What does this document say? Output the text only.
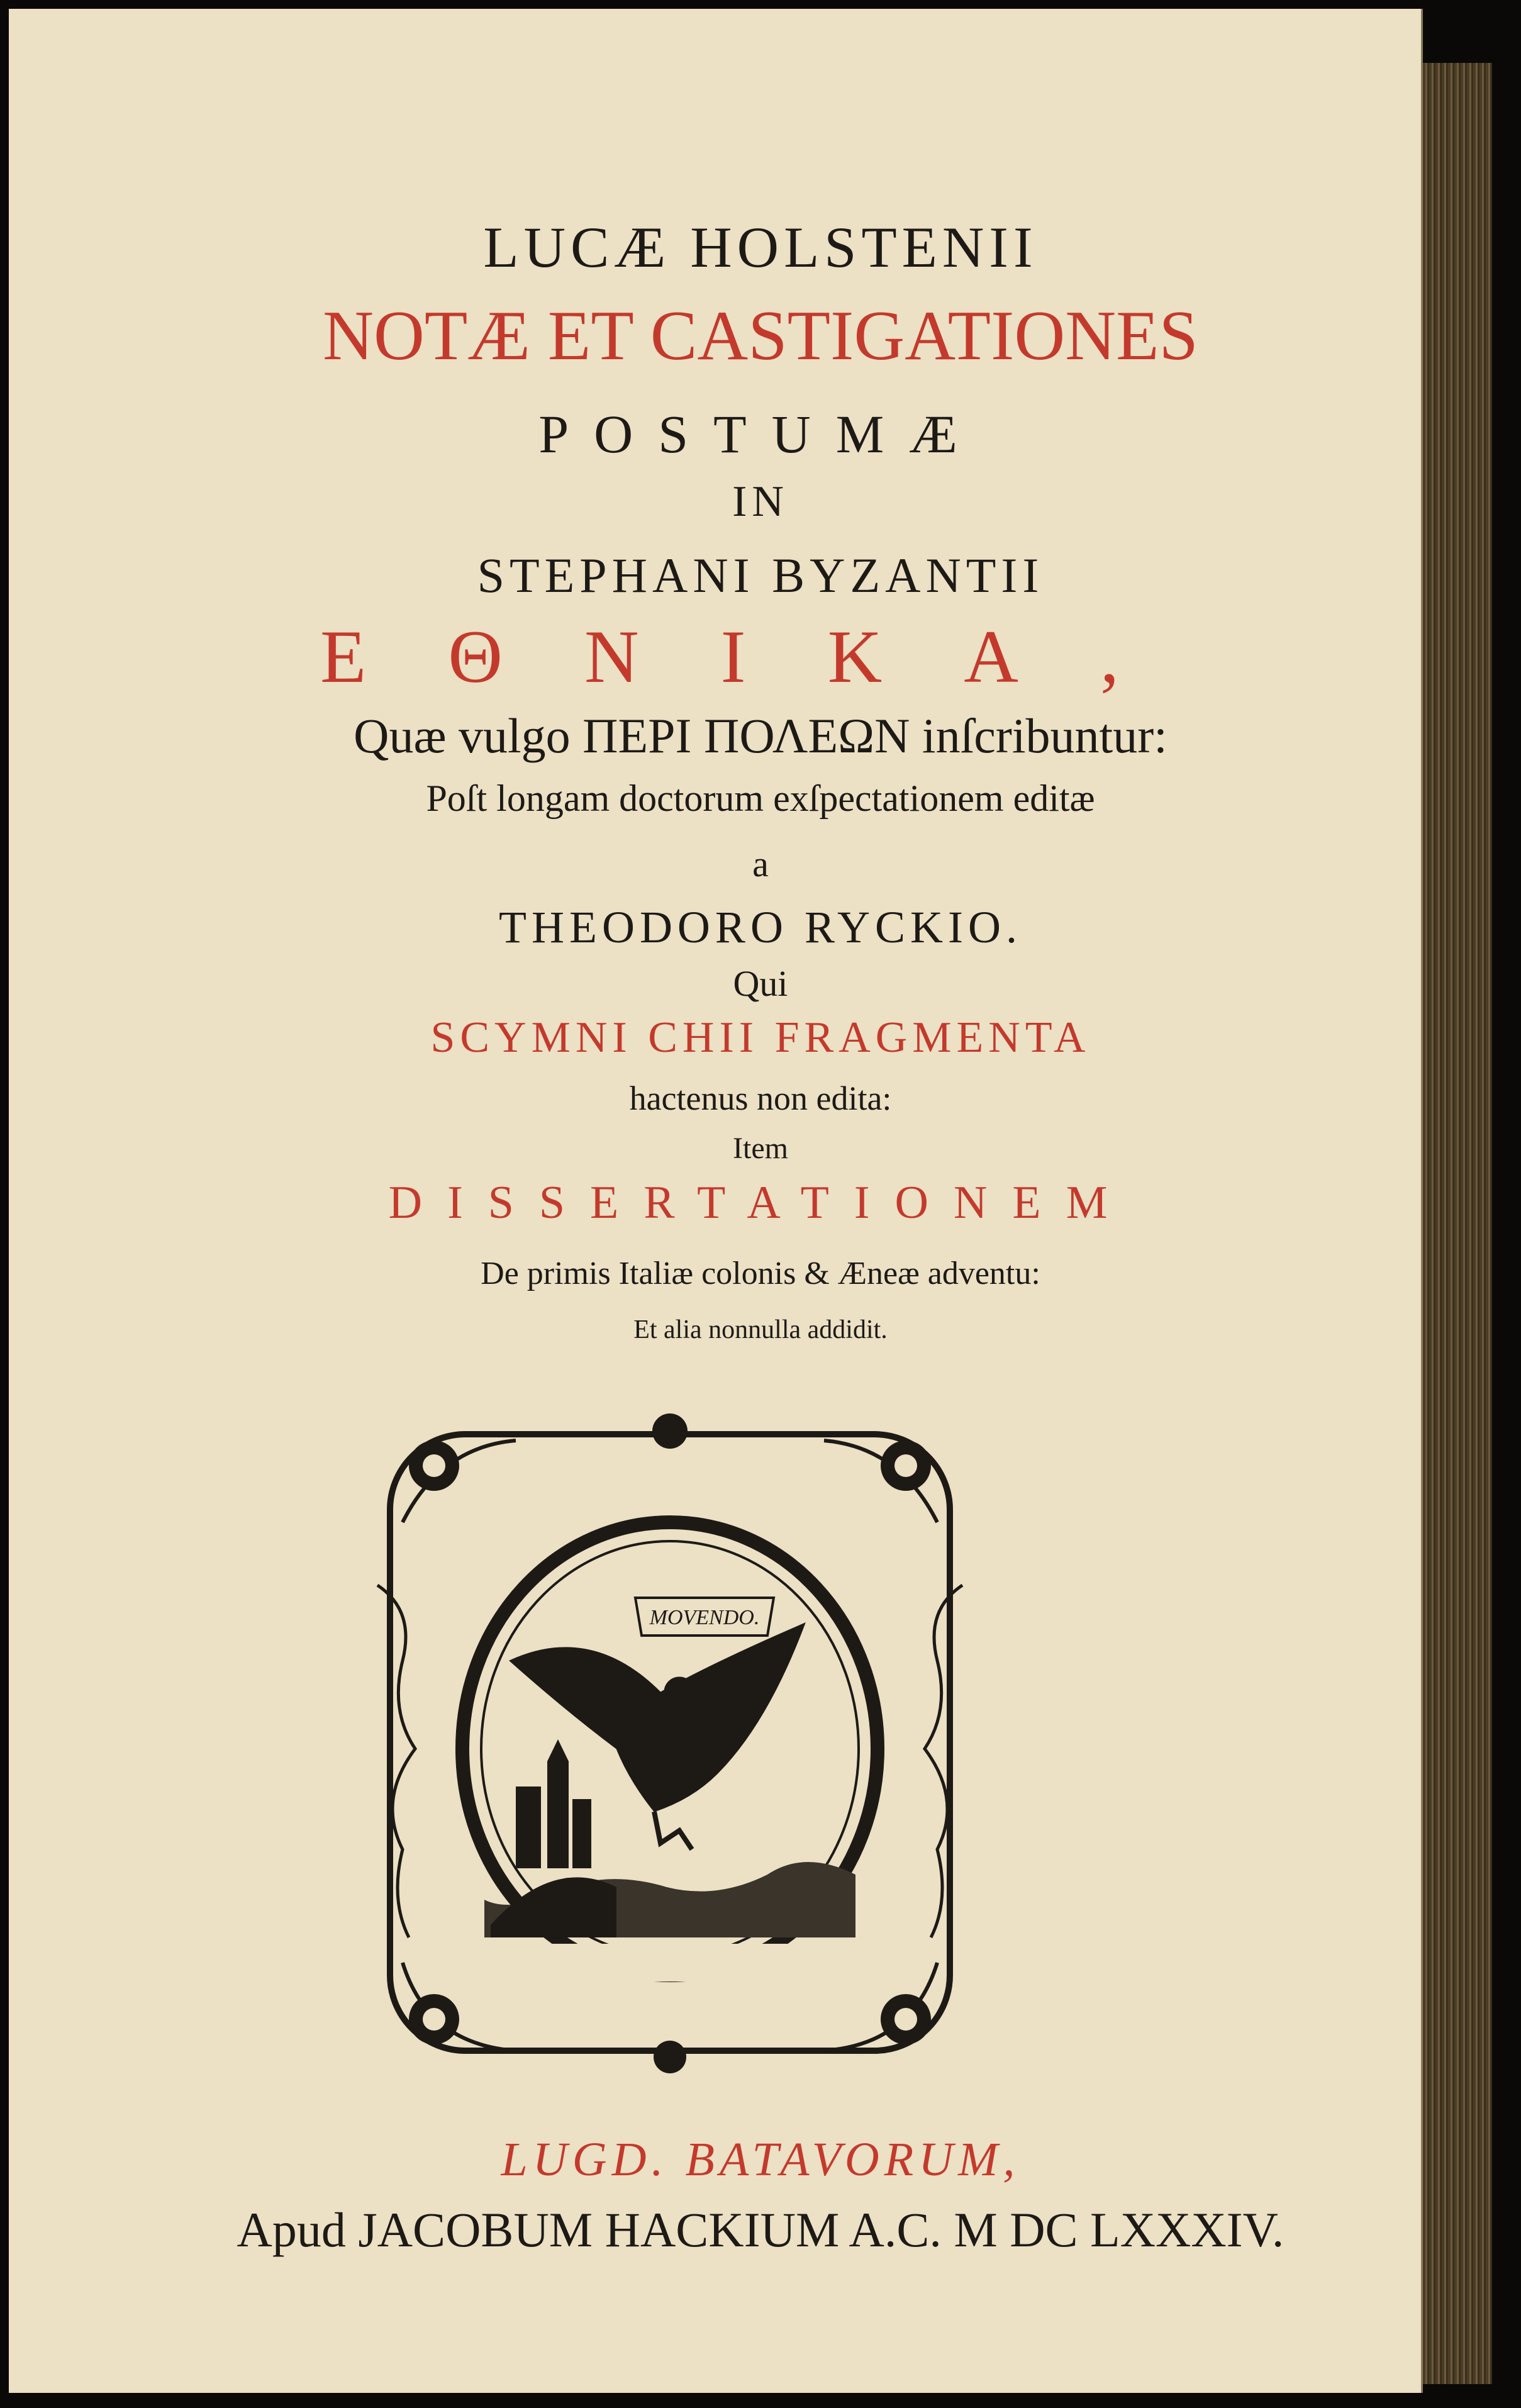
LUCÆ HOLSTENII
NOTÆ ET CASTIGATIONES
POSTUMÆ
IN
STEPHANI BYZANTII
ΕΘΝΙΚΑ,
Quæ vulgo ΠΕΡΙ ΠΟΛΕΩΝ inſcribuntur:
Poſt longam doctorum exſpectationem editæ
a
THEODORO RYCKIO.
Qui
SCYMNI CHII FRAGMENTA
hactenus non edita:
Item
DISSERTATIONEM
De primis Italiæ colonis & Æneæ adventu:
Et alia nonnulla addidit.
MOVENDO.
LUGD. BATAVORUM,
Apud JACOBUM HACKIUM A.C. M DC LXXXIV.
